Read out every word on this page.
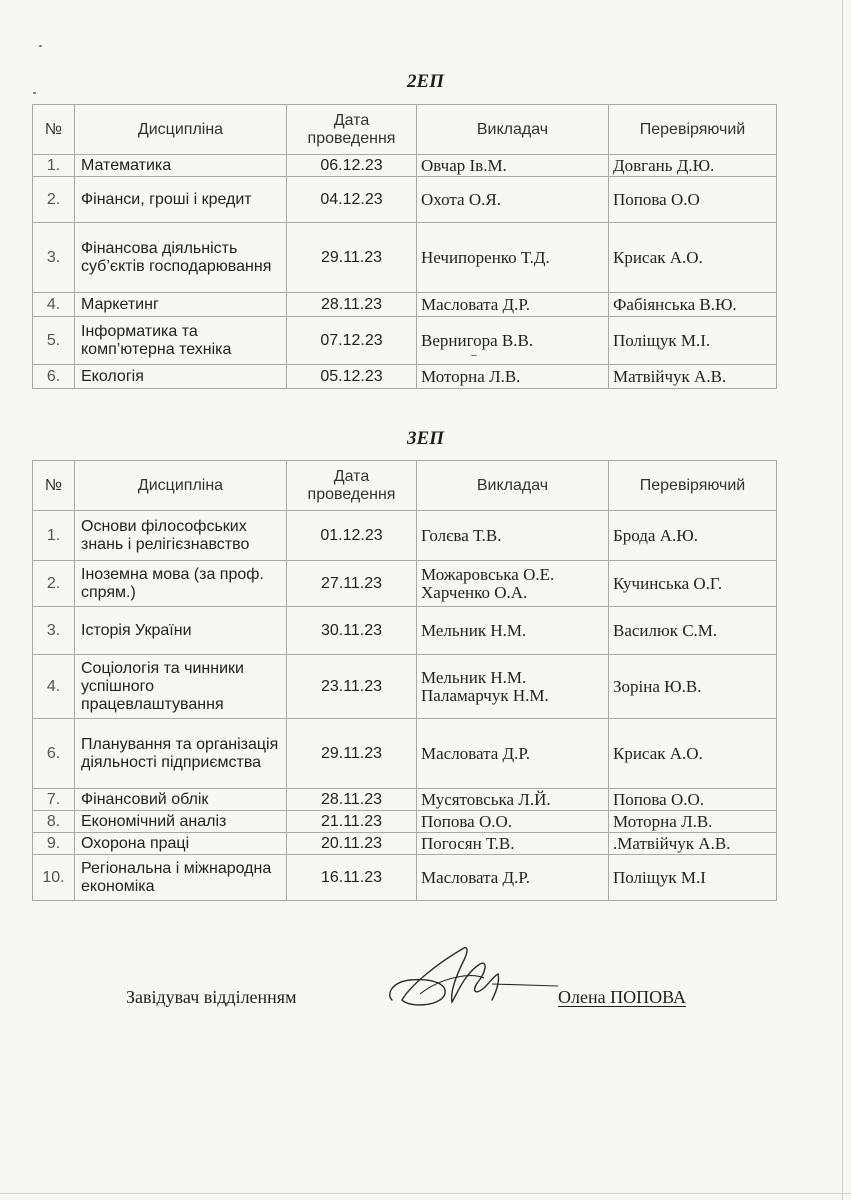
2ЕП
№	Дисципліна	Дата проведення	Викладач	Перевіряючий
1.	Математика	06.12.23	Овчар Ів.М.	Довгань Д.Ю.
2.	Фінанси, гроші і кредит	04.12.23	Охота О.Я.	Попова О.О
3.	Фінансова діяльність суб’єктів господарювання	29.11.23	Нечипоренко Т.Д.	Крисак А.О.
4.	Маркетинг	28.11.23	Масловата Д.Р.	Фабіянська В.Ю.
5.	Інформатика та комп’ютерна техніка	07.12.23	Вернигора В.В.	Поліщук М.І.
6.	Екологія	05.12.23	Моторна Л.В.	Матвійчук А.В.
3ЕП
№	Дисципліна	Дата проведення	Викладач	Перевіряючий
1.	Основи філософських знань і релігієзнавство	01.12.23	Голєва Т.В.	Брода А.Ю.
2.	Іноземна мова (за проф. спрям.)	27.11.23	Можаровська О.Е. Харченко О.А.	Кучинська О.Г.
3.	Історія України	30.11.23	Мельник Н.М.	Василюк С.М.
4.	Соціологія та чинники успішного працевлаштування	23.11.23	Мельник Н.М. Паламарчук Н.М.	Зоріна Ю.В.
6.	Планування та організація діяльності підприємства	29.11.23	Масловата Д.Р.	Крисак А.О.
7.	Фінансовий облік	28.11.23	Мусятовська Л.Й.	Попова О.О.
8.	Економічний аналіз	21.11.23	Попова О.О.	Моторна Л.В.
9.	Охорона праці	20.11.23	Погосян Т.В.	.Матвійчук А.В.
10.	Регіональна і міжнародна економіка	16.11.23	Масловата Д.Р.	Поліщук М.І
Завідувач відділенням	Олена ПОПОВА
